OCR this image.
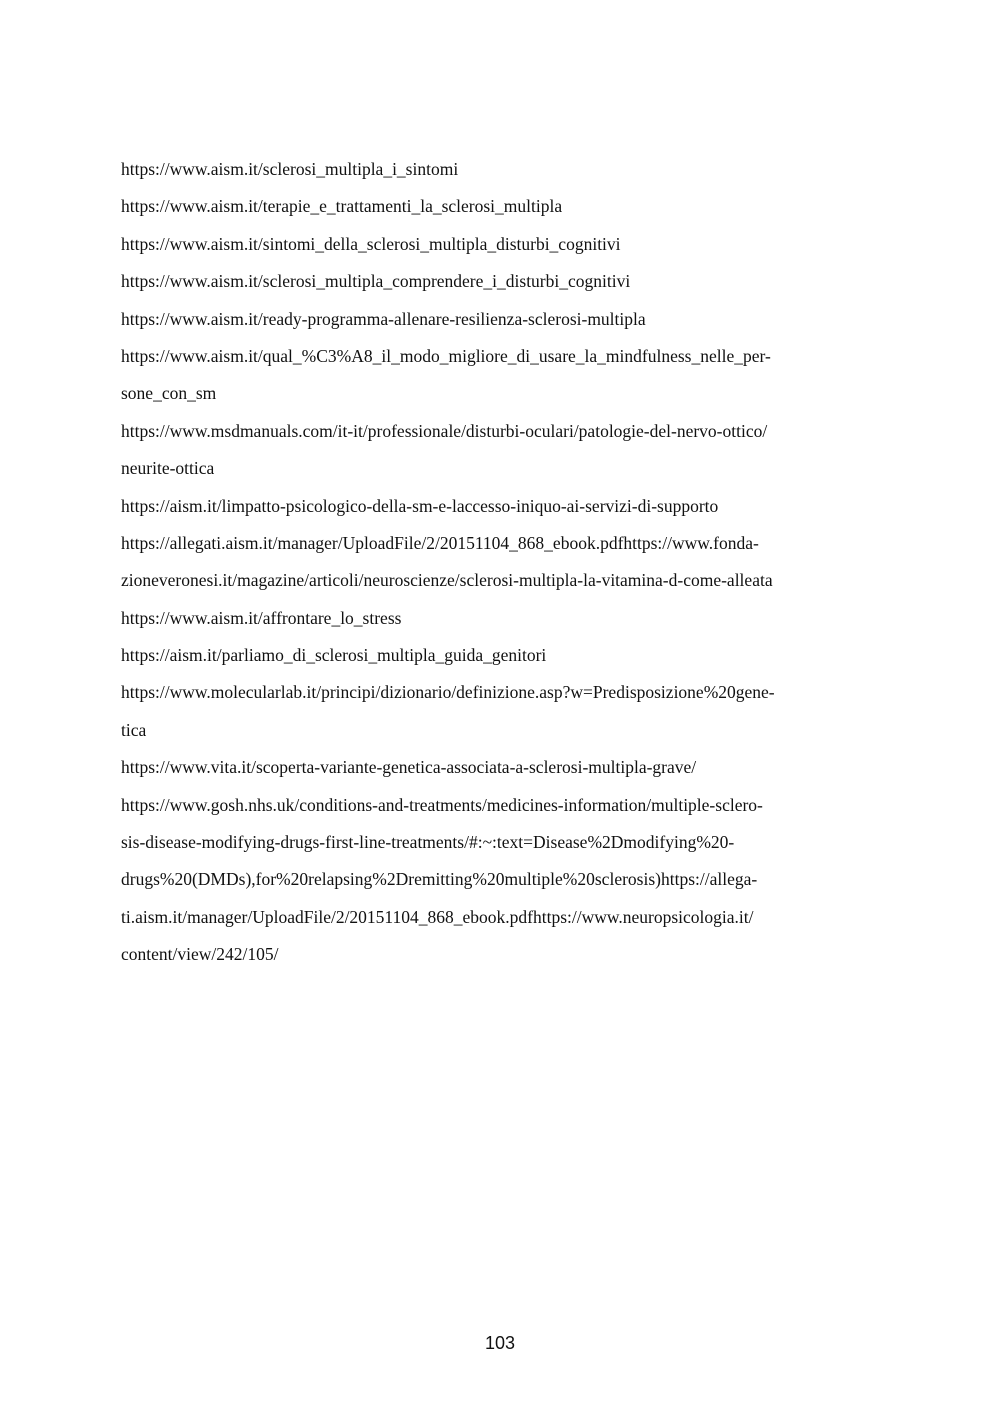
https://www.aism.it/sclerosi_multipla_i_sintomi
https://www.aism.it/terapie_e_trattamenti_la_sclerosi_multipla
https://www.aism.it/sintomi_della_sclerosi_multipla_disturbi_cognitivi
https://www.aism.it/sclerosi_multipla_comprendere_i_disturbi_cognitivi
https://www.aism.it/ready-programma-allenare-resilienza-sclerosi-multipla
https://www.aism.it/qual_%C3%A8_il_modo_migliore_di_usare_la_mindfulness_nelle_per-
sone_con_sm
https://www.msdmanuals.com/it-it/professionale/disturbi-oculari/patologie-del-nervo-ottico/
neurite-ottica
https://aism.it/limpatto-psicologico-della-sm-e-laccesso-iniquo-ai-servizi-di-supporto
https://allegati.aism.it/manager/UploadFile/2/20151104_868_ebook.pdfhttps://www.fonda-
zioneveronesi.it/magazine/articoli/neuroscienze/sclerosi-multipla-la-vitamina-d-come-alleata
https://www.aism.it/affrontare_lo_stress
https://aism.it/parliamo_di_sclerosi_multipla_guida_genitori
https://www.molecularlab.it/principi/dizionario/definizione.asp?w=Predisposizione%20gene-
tica
https://www.vita.it/scoperta-variante-genetica-associata-a-sclerosi-multipla-grave/
https://www.gosh.nhs.uk/conditions-and-treatments/medicines-information/multiple-sclero-
sis-disease-modifying-drugs-first-line-treatments/#:~:text=Disease%2Dmodifying%20-
drugs%20(DMDs),for%20relapsing%2Dremitting%20multiple%20sclerosis)https://allega-
ti.aism.it/manager/UploadFile/2/20151104_868_ebook.pdfhttps://www.neuropsicologia.it/
content/view/242/105/
103
